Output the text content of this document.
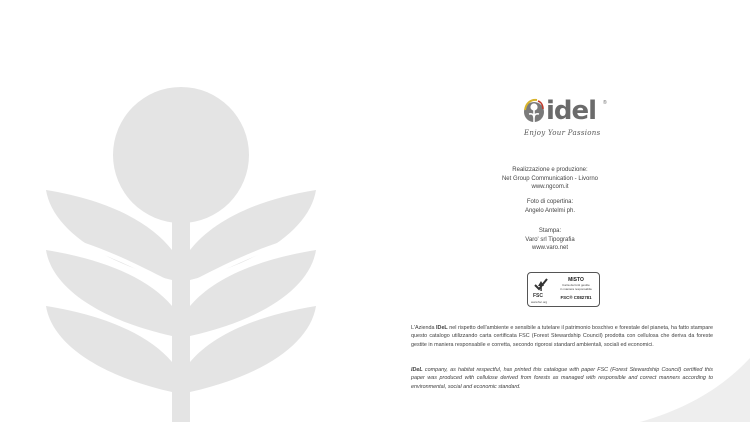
idel ®
Enjoy Your Passions
Realizzazione e produzione:
Net Group Communication - Livorno
www.ngcom.it
Foto di copertina:
Angelo Antelmi ph.
Stampa:
Varo' srl Tipografia
www.varo.net
FSC
www.fsc.org
MISTO
Carta da fonti gestite
in maniera responsabile
FSC® C082781
L'Azienda IDeL nel rispetto dell'ambiente e sensibile a tutelare il patrimonio boschivo e forestale del pianeta, ha fatto stampare questo catalogo utilizzando carta certificata FSC (Forest Stewardship Council) prodotta con cellulosa che deriva da foreste gestite in maniera responsabile e corretta, secondo rigorosi standard ambientali, sociali ed economici.
IDeL company, as habitat respectful, has printed this catalogue with paper FSC (Forest Stewardship Council) certified this paper was produced with cellulose derived from forests as managed with responsible and correct manners according to environmental, social and economic standard.
